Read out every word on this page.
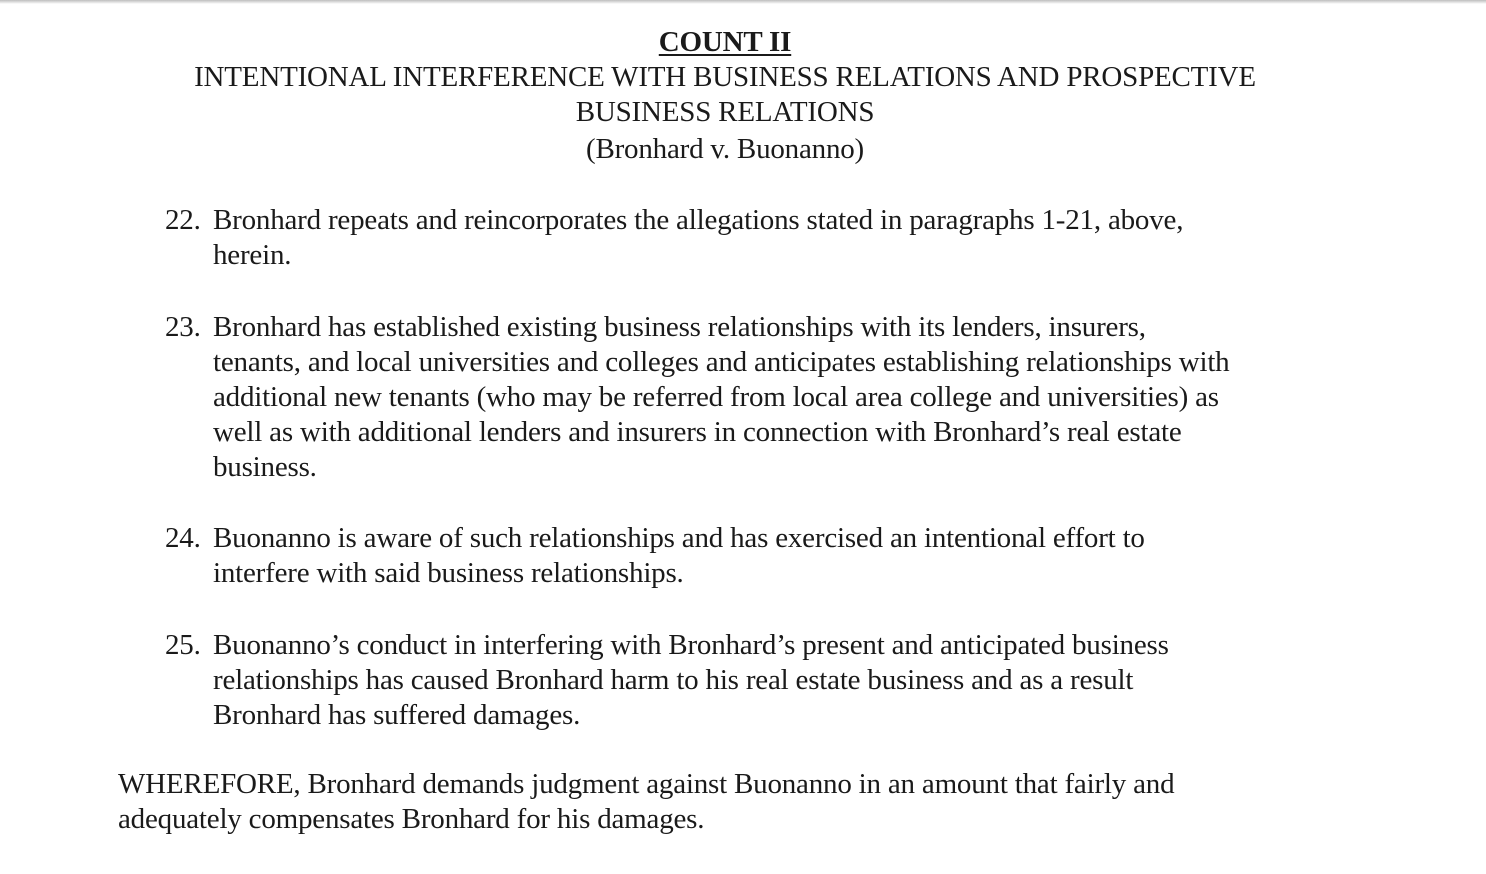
COUNT II
INTENTIONAL INTERFERENCE WITH BUSINESS RELATIONS AND PROSPECTIVE
BUSINESS RELATIONS
(Bronhard v. Buonanno)
22. Bronhard repeats and reincorporates the allegations stated in paragraphs 1-21, above,
herein.
23. Bronhard has established existing business relationships with its lenders, insurers,
tenants, and local universities and colleges and anticipates establishing relationships with
additional new tenants (who may be referred from local area college and universities) as
well as with additional lenders and insurers in connection with Bronhard’s real estate
business.
24. Buonanno is aware of such relationships and has exercised an intentional effort to
interfere with said business relationships.
25. Buonanno’s conduct in interfering with Bronhard’s present and anticipated business
relationships has caused Bronhard harm to his real estate business and as a result
Bronhard has suffered damages.
WHEREFORE, Bronhard demands judgment against Buonanno in an amount that fairly and
adequately compensates Bronhard for his damages.
